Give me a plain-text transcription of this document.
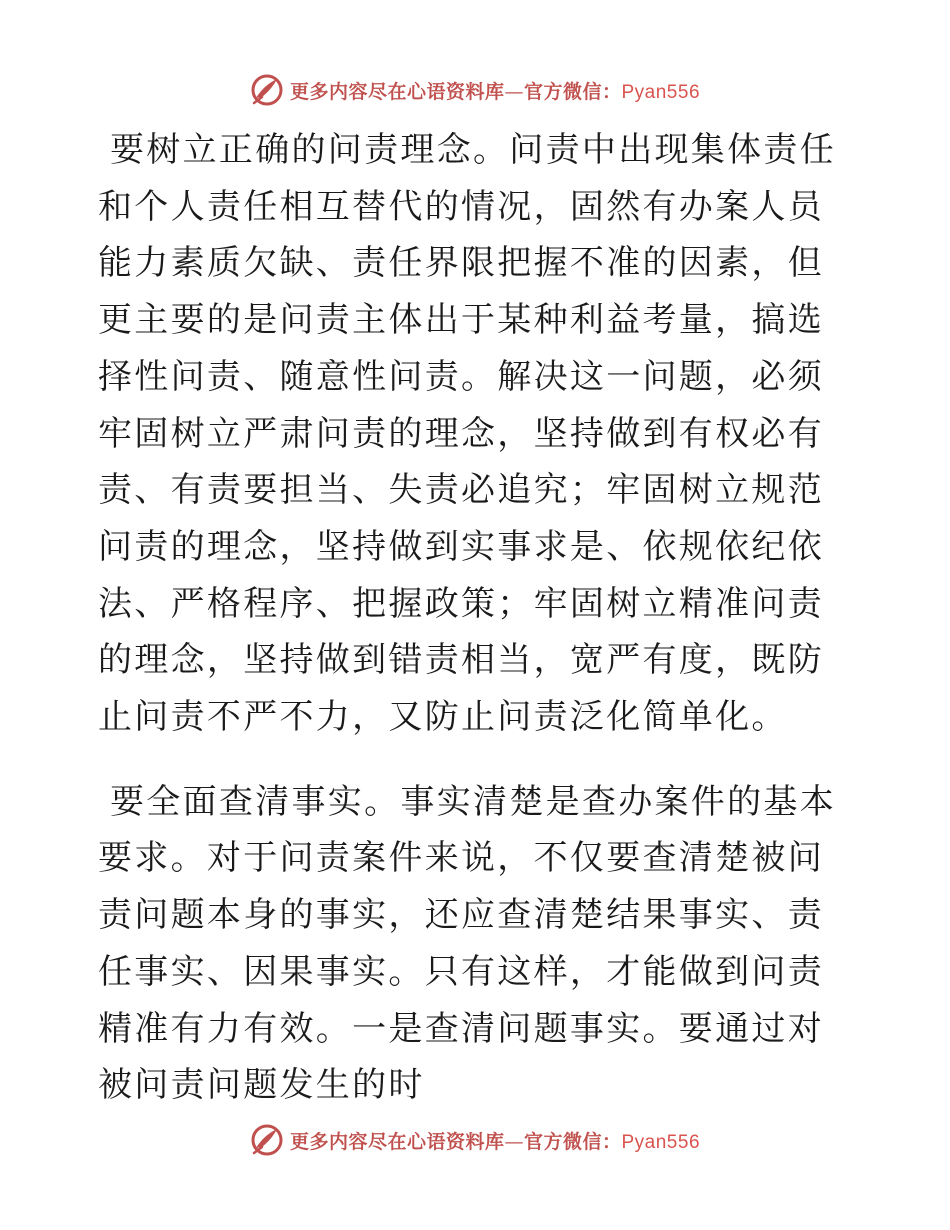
更多内容尽在心语资料库 — 官方微信： Pyan556

要树立正确的问责理念。问责中出现集体责任和个人责任相互替代的情况，固然有办案人员能力素质欠缺、责任界限把握不准的因素，但更主要的是问责主体出于某种利益考量，搞选择性问责、随意性问责。解决这一问题，必须牢固树立严肃问责的理念，坚持做到有权必有责、有责要担当、失责必追究；牢固树立规范问责的理念，坚持做到实事求是、依规依纪依法、严格程序、把握政策；牢固树立精准问责的理念，坚持做到错责相当，宽严有度，既防止问责不严不力，又防止问责泛化简单化。

要全面查清事实。事实清楚是查办案件的基本要求。对于问责案件来说，不仅要查清楚被问责问题本身的事实，还应查清楚结果事实、责任事实、因果事实。只有这样，才能做到问责精准有力有效。一是查清问题事实。要通过对被问责问题发生的时

更多内容尽在心语资料库 — 官方微信： Pyan556
